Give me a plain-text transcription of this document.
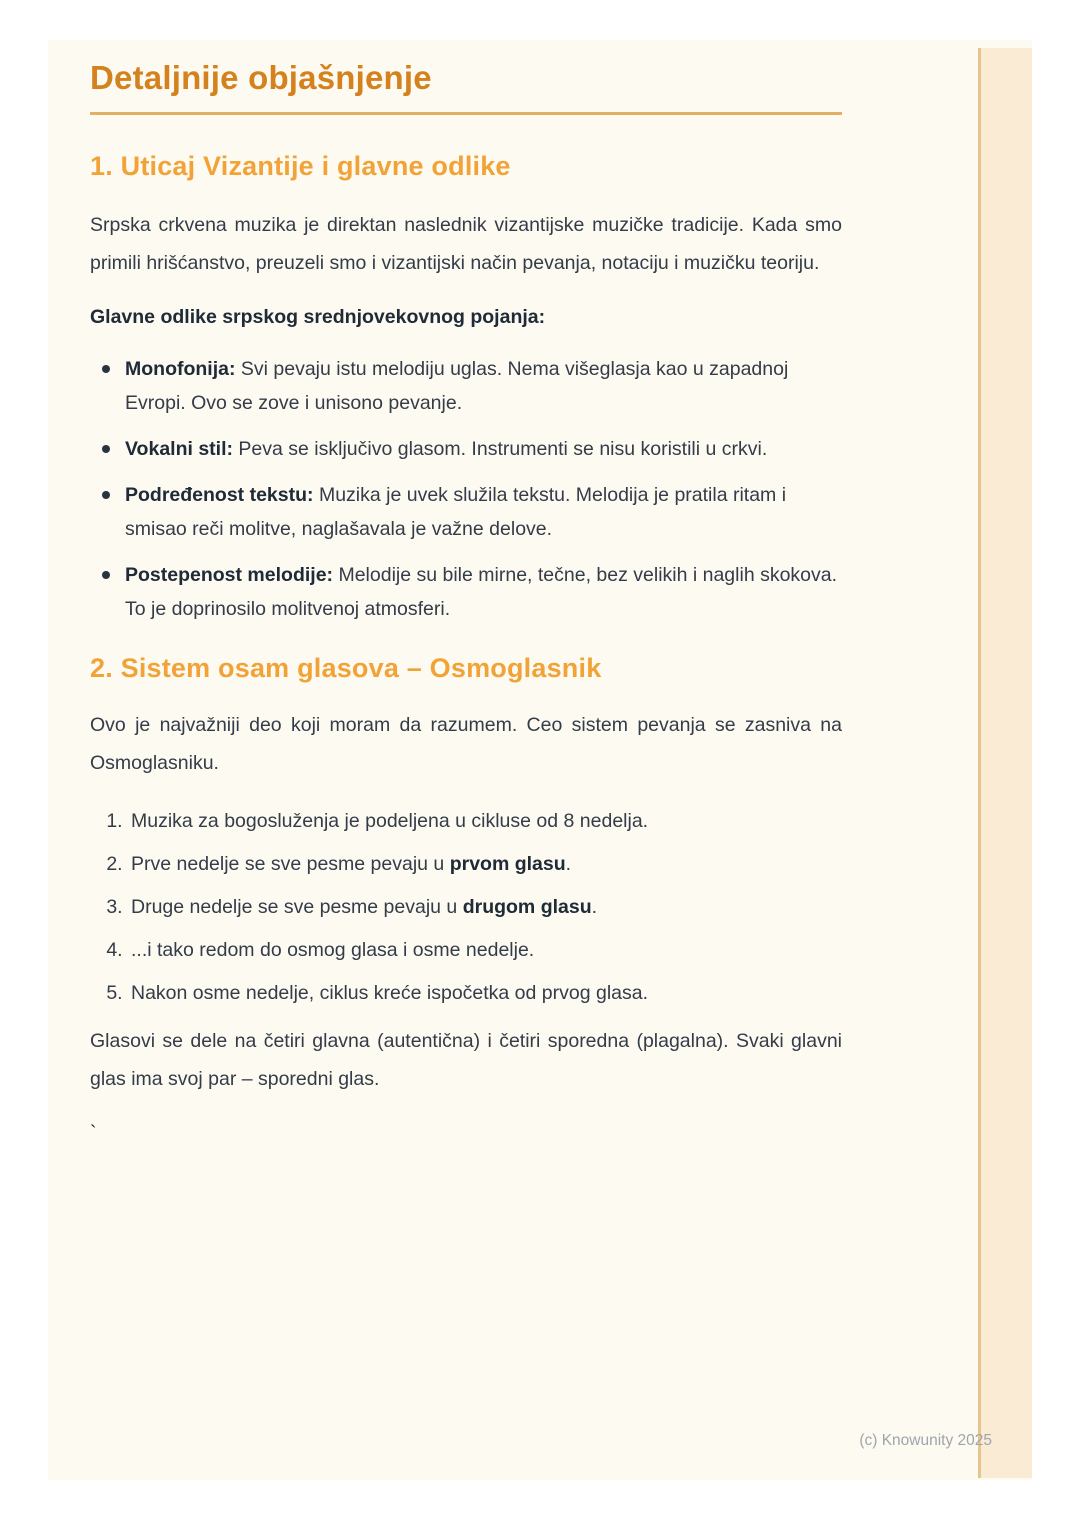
Detaljnije objašnjenje
1. Uticaj Vizantije i glavne odlike

Srpska crkvena muzika je direktan naslednik vizantijske muzičke tradicije. Kada smo primili hrišćanstvo, preuzeli smo i vizantijski način pevanja, notaciju i muzičku teoriju.

Glavne odlike srpskog srednjovekovnog pojanja:

Monofonija: Svi pevaju istu melodiju uglas. Nema višeglasja kao u zapadnoj Evropi. Ovo se zove i unisono pevanje.
Vokalni stil: Peva se isključivo glasom. Instrumenti se nisu koristili u crkvi.
Podređenost tekstu: Muzika je uvek služila tekstu. Melodija je pratila ritam i smisao reči molitve, naglašavala je važne delove.
Postepenost melodije: Melodije su bile mirne, tečne, bez velikih i naglih skokova. To je doprinosilo molitvenoj atmosferi.
2. Sistem osam glasova – Osmoglasnik

Ovo je najvažniji deo koji moram da razumem. Ceo sistem pevanja se zasniva na Osmoglasniku.

1. Muzika za bogosluženja je podeljena u cikluse od 8 nedelja.
2. Prve nedelje se sve pesme pevaju u prvom glasu.
3. Druge nedelje se sve pesme pevaju u drugom glasu.
4. ...i tako redom do osmog glasa i osme nedelje.
5. Nakon osme nedelje, ciklus kreće ispočetka od prvog glasa.

Glasovi se dele na četiri glavna (autentična) i četiri sporedna (plagalna). Svaki glavni glas ima svoj par – sporedni glas.

`

(c) Knowunity 2025
